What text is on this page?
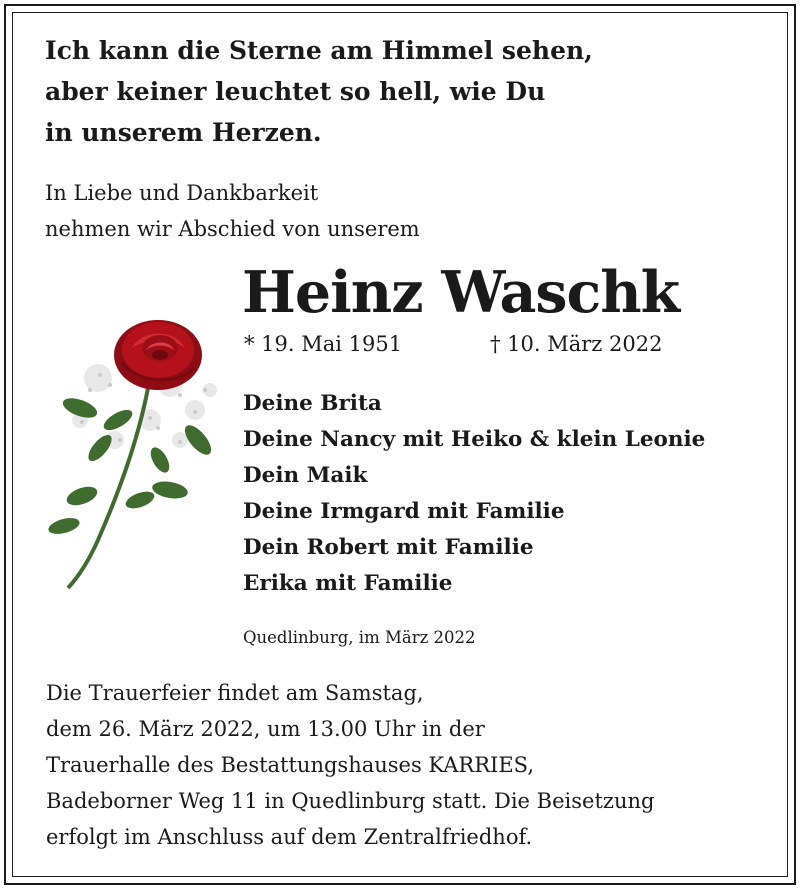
Ich kann die Sterne am Himmel sehen,
aber keiner leuchtet so hell, wie Du
in unserem Herzen.
In Liebe und Dankbarkeit
nehmen wir Abschied von unserem
Heinz Waschk
* 19. Mai 1951	† 10. März 2022
Deine Brita
Deine Nancy mit Heiko & klein Leonie
Dein Maik
Deine Irmgard mit Familie
Dein Robert mit Familie
Erika mit Familie
Quedlinburg, im März 2022
Die Trauerfeier findet am Samstag,
dem 26. März 2022, um 13.00 Uhr in der
Trauerhalle des Bestattungshauses KARRIES,
Badeborner Weg 11 in Quedlinburg statt. Die Beisetzung
erfolgt im Anschluss auf dem Zentralfriedhof.
